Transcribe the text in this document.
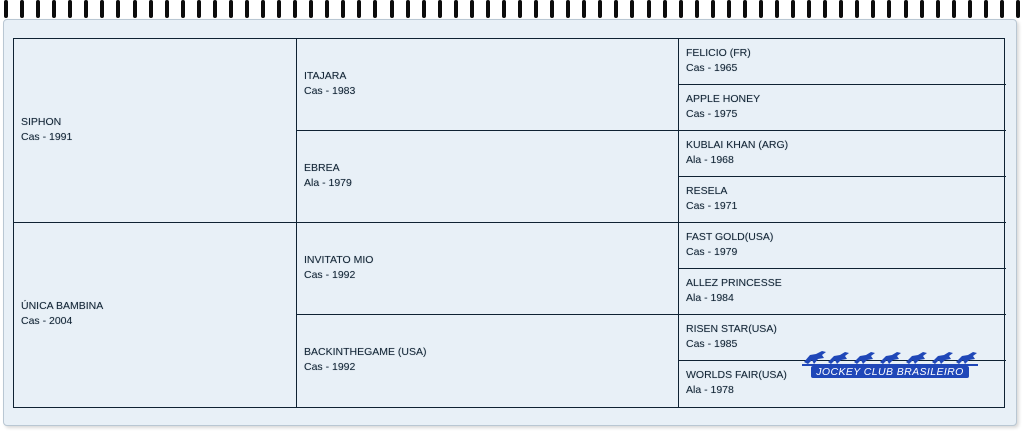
SIPHON
Cas - 1991
ÚNICA BAMBINA
Cas - 2004
ITAJARA
Cas - 1983
EBREA
Ala - 1979
INVITATO MIO
Cas - 1992
BACKINTHEGAME (USA)
Cas - 1992
FELICIO (FR)
Cas - 1965
APPLE HONEY
Cas - 1975
KUBLAI KHAN (ARG)
Ala - 1968
RESELA
Cas - 1971
FAST GOLD(USA)
Cas - 1979
ALLEZ PRINCESSE
Ala - 1984
RISEN STAR(USA)
Cas - 1985
WORLDS FAIR(USA)
Ala - 1978
JOCKEY CLUB BRASILEIRO
